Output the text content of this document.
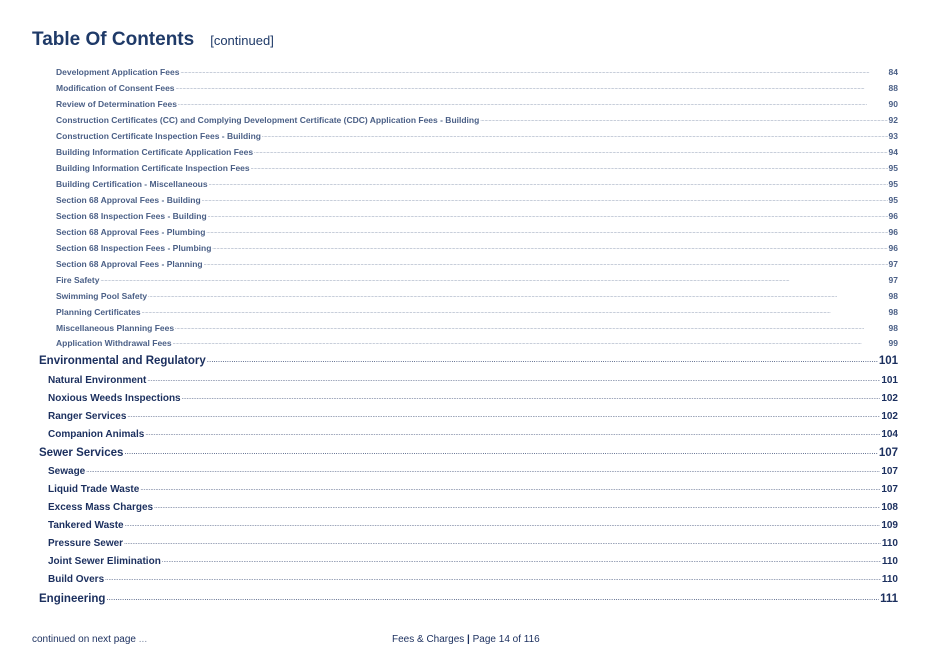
Table Of Contents [continued]
Development Application Fees .....	84
Modification of Consent Fees .....	88
Review of Determination Fees .....	90
Construction Certificates (CC) and Complying Development Certificate (CDC) Application Fees - Building .....	92
Construction Certificate Inspection Fees - Building .....	93
Building Information Certificate Application Fees .....	94
Building Information Certificate Inspection Fees .....	95
Building Certification - Miscellaneous .....	95
Section 68 Approval Fees - Building .....	95
Section 68 Inspection Fees - Building .....	96
Section 68 Approval Fees - Plumbing .....	96
Section 68 Inspection Fees - Plumbing .....	96
Section 68 Approval Fees - Planning .....	97
Fire Safety .....	97
Swimming Pool Safety .....	98
Planning Certificates .....	98
Miscellaneous Planning Fees .....	98
Application Withdrawal Fees .....	99
Environmental and Regulatory .....	101
Natural Environment .....	101
Noxious Weeds Inspections .....	102
Ranger Services .....	102
Companion Animals .....	104
Sewer Services .....	107
Sewage .....	107
Liquid Trade Waste .....	107
Excess Mass Charges .....	108
Tankered Waste .....	109
Pressure Sewer .....	110
Joint Sewer Elimination .....	110
Build Overs .....	110
Engineering .....	111
continued on next page ...	Fees & Charges | Page 14 of 116
